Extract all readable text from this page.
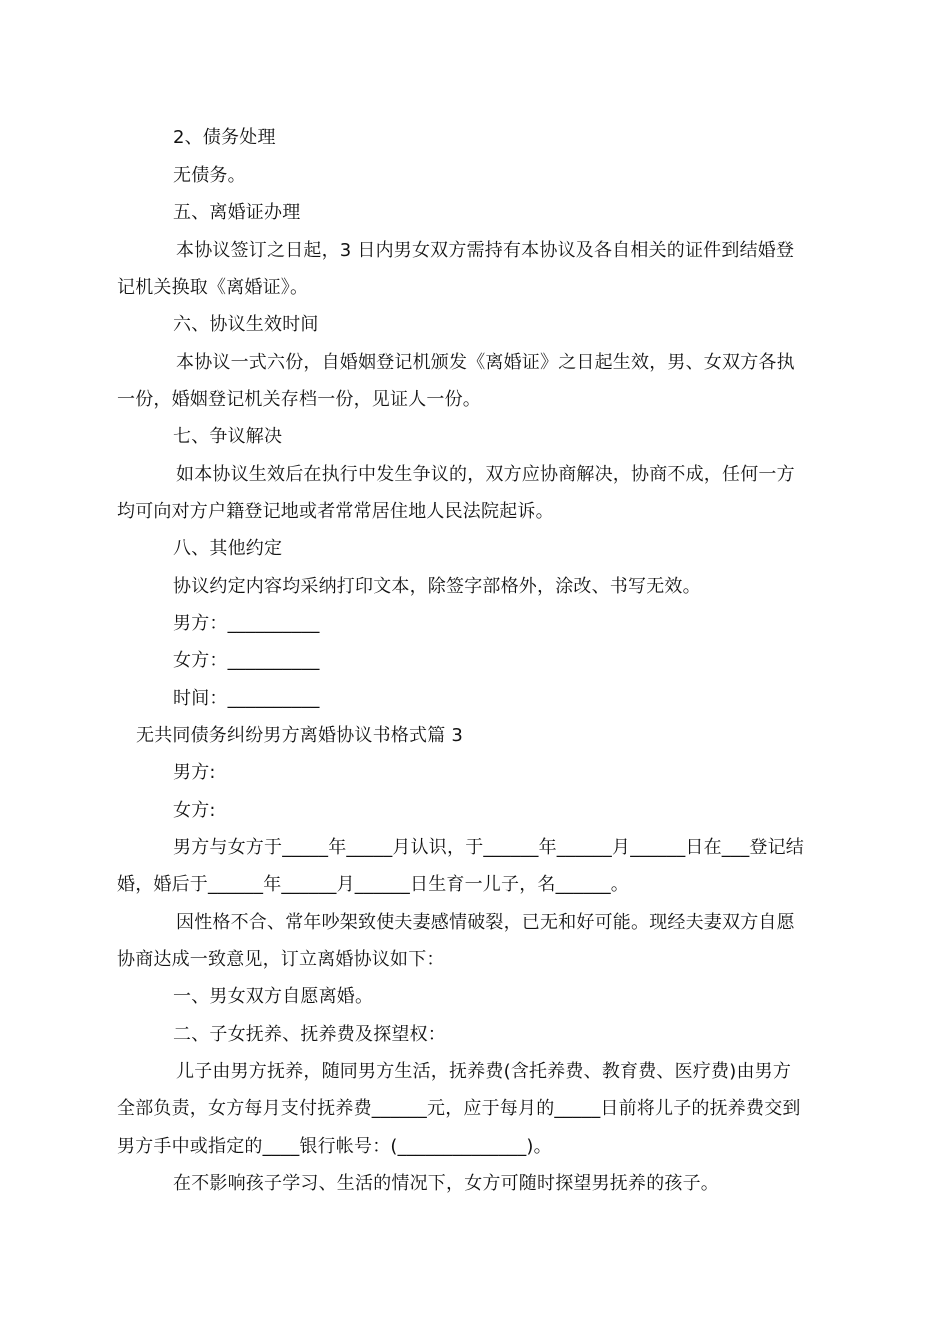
2、债务处理
无债务。
五、离婚证办理
本协议签订之日起，3 日内男女双方需持有本协议及各自相关的证件到结婚登
记机关换取《离婚证》。
六、协议生效时间
本协议一式六份，自婚姻登记机颁发《离婚证》之日起生效，男、女双方各执
一份，婚姻登记机关存档一份，见证人一份。
七、争议解决
如本协议生效后在执行中发生争议的，双方应协商解决，协商不成，任何一方
均可向对方户籍登记地或者常常居住地人民法院起诉。
八、其他约定
协议约定内容均采纳打印文本，除签字部格外，涂改、书写无效。
男方：__________
女方：__________
时间：__________
无共同债务纠纷男方离婚协议书格式篇 3
男方:
女方:
男方与女方于_____年_____月认识，于______年______月______日在___登记结
婚，婚后于______年______月______日生育一儿子，名______。
因性格不合、常年吵架致使夫妻感情破裂，已无和好可能。现经夫妻双方自愿
协商达成一致意见，订立离婚协议如下：
一、男女双方自愿离婚。
二、子女抚养、抚养费及探望权：
儿子由男方抚养，随同男方生活，抚养费(含托养费、教育费、医疗费)由男方
全部负责，女方每月支付抚养费______元，应于每月的_____日前将儿子的抚养费交到
男方手中或指定的____银行帐号：(______________)。
在不影响孩子学习、生活的情况下，女方可随时探望男抚养的孩子。
